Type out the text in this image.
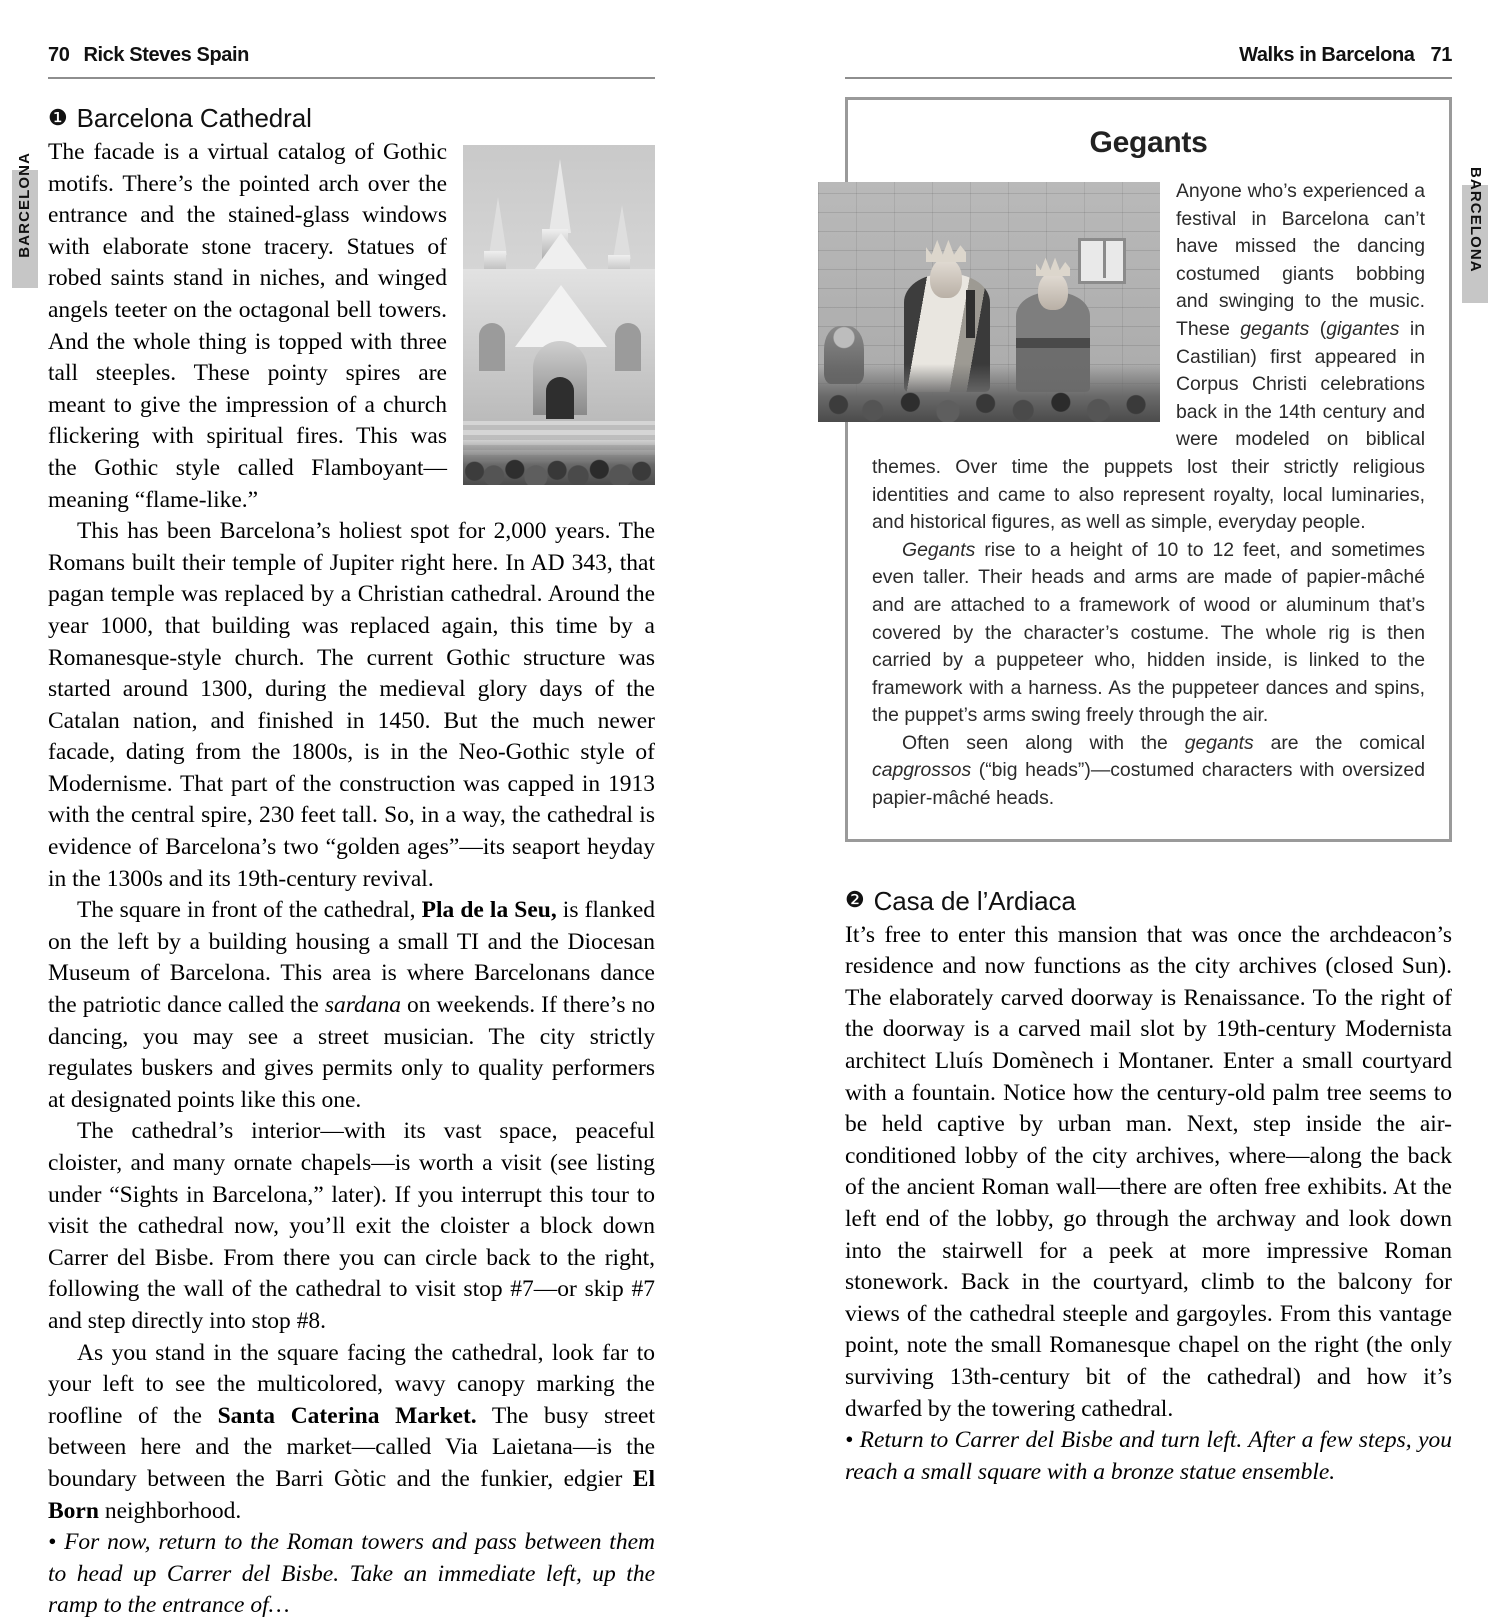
70 Rick Steves Spain
❶ Barcelona Cathedral

The facade is a virtual catalog of Gothic motifs. There’s the pointed arch over the entrance and the stained-glass windows with elaborate stone tracery. Statues of robed saints stand in niches, and winged angels teeter on the octagonal bell towers. And the whole thing is topped with three tall steeples. These pointy spires are meant to give the impression of a church flickering with spiritual fires. This was the Gothic style called Flamboyant—meaning “flame-like.”

This has been Barcelona’s holiest spot for 2,000 years. The Romans built their temple of Jupiter right here. In AD 343, that pagan temple was replaced by a Christian cathedral. Around the year 1000, that building was replaced again, this time by a Romanesque-style church. The current Gothic structure was started around 1300, during the medieval glory days of the Catalan nation, and finished in 1450. But the much newer facade, dating from the 1800s, is in the Neo-Gothic style of Modernisme. That part of the construction was capped in 1913 with the central spire, 230 feet tall. So, in a way, the cathedral is evidence of Barcelona’s two “golden ages”—its seaport heyday in the 1300s and its 19th-century revival.

The square in front of the cathedral, Pla de la Seu, is flanked on the left by a building housing a small TI and the Diocesan Museum of Barcelona. This area is where Barcelonans dance the patriotic dance called the sardana on weekends. If there’s no dancing, you may see a street musician. The city strictly regulates buskers and gives permits only to quality performers at designated points like this one.

The cathedral’s interior—with its vast space, peaceful cloister, and many ornate chapels—is worth a visit (see listing under “Sights in Barcelona,” later). If you interrupt this tour to visit the cathedral now, you’ll exit the cloister a block down Carrer del Bisbe. From there you can circle back to the right, following the wall of the cathedral to visit stop #7—or skip #7 and step directly into stop #8.

As you stand in the square facing the cathedral, look far to your left to see the multicolored, wavy canopy marking the roofline of the Santa Caterina Market. The busy street between here and the market—called Via Laietana—is the boundary between the Barri Gòtic and the funkier, edgier El Born neighborhood.

• For now, return to the Roman towers and pass between them to head up Carrer del Bisbe. Take an immediate left, up the ramp to the entrance of…

Walks in Barcelona 71
Gegants

Anyone who’s experienced a festival in Barcelona can’t have missed the dancing costumed giants bobbing and swinging to the music. These gegants (gigantes in Castilian) first appeared in Corpus Christi celebrations back in the 14th century and were modeled on biblical themes. Over time the puppets lost their strictly religious identities and came to also represent royalty, local luminaries, and historical figures, as well as simple, everyday people.

Gegants rise to a height of 10 to 12 feet, and sometimes even taller. Their heads and arms are made of papier-mâché and are attached to a framework of wood or aluminum that’s covered by the character’s costume. The whole rig is then carried by a puppeteer who, hidden inside, is linked to the framework with a harness. As the puppeteer dances and spins, the puppet’s arms swing freely through the air.

Often seen along with the gegants are the comical capgrossos (“big heads”)—costumed characters with oversized papier-mâché heads.

❷ Casa de l’Ardiaca

It’s free to enter this mansion that was once the archdeacon’s residence and now functions as the city archives (closed Sun). The elaborately carved doorway is Renaissance. To the right of the doorway is a carved mail slot by 19th-century Modernista architect Lluís Domènech i Montaner. Enter a small courtyard with a fountain. Notice how the century-old palm tree seems to be held captive by urban man. Next, step inside the air-conditioned lobby of the city archives, where—along the back of the ancient Roman wall—there are often free exhibits. At the left end of the lobby, go through the archway and look down into the stairwell for a peek at more impressive Roman stonework. Back in the courtyard, climb to the balcony for views of the cathedral steeple and gargoyles. From this vantage point, note the small Romanesque chapel on the right (the only surviving 13th-century bit of the cathedral) and how it’s dwarfed by the towering cathedral.

• Return to Carrer del Bisbe and turn left. After a few steps, you reach a small square with a bronze statue ensemble.

BARCELONA	BARCELONA
